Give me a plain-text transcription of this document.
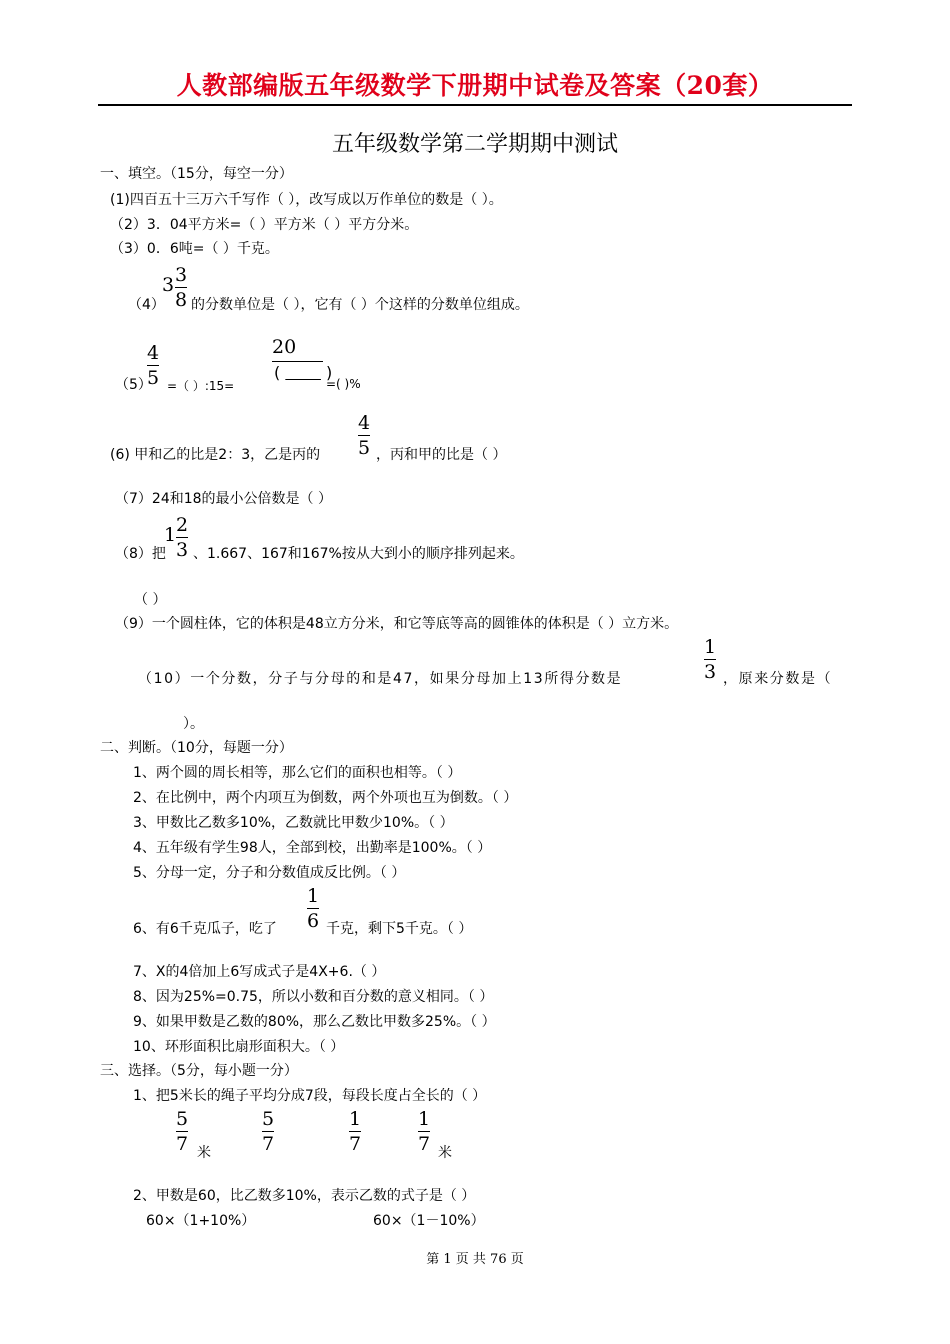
人教部编版五年级数学下册期中试卷及答案（20套）
五年级数学第二学期期中测试
一、填空。（15分，每空一分）
(1)四百五十三万六千写作（ ），改写成以万作单位的数是（ ）。
（2）3．04平方米=（ ）平方米（ ）平方分米。
（3）0．6吨=（ ）千克。
（4）
3 3
8 的分数单位是（ ），它有（ ）个这样的分数单位组成。
（5）
4
5 =（ ）:15=
20
(         )
=( )%
(6) 甲和乙的比是2：3，乙是丙的
4
5 ，丙和甲的比是（ ）
（7）24和18的最小公倍数是（ ）
（8）把
1 2
3 、1.667、167和167%按从大到小的顺序排列起来。
（ ）
（9）一个圆柱体，它的体积是48立方分米，和它等底等高的圆锥体的体积是（ ）立方米。
（10）一个分数，分子与分母的和是47，如果分母加上13所得分数是
1
3 ，原来分数是（
）。
二、判断。（10分，每题一分）
1、两个圆的周长相等，那么它们的面积也相等。（ ）
2、在比例中，两个内项互为倒数，两个外项也互为倒数。（ ）
3、甲数比乙数多10%，乙数就比甲数少10%。（ ）
4、五年级有学生98人，全部到校，出勤率是100%。（ ）
5、分母一定，分子和分数值成反比例。（ ）
6、有6千克瓜子，吃了
1
6 千克，剩下5千克。（ ）
7、X的4倍加上6写成式子是4X+6.（ ）
8、因为25%=0.75，所以小数和百分数的意义相同。（ ）
9、如果甲数是乙数的80%，那么乙数比甲数多25%。（ ）
10、环形面积比扇形面积大。（ ）
三、选择。（5分，每小题一分）
1、把5米长的绳子平均分成7段，每段长度占全长的（ ）
5
7 米
5
7
1
7
1
7 米
2、甲数是60，比乙数多10%，表示乙数的式子是（ ）
60×（1+10%）	60×（1－10%）
第 1 页 共 76 页
